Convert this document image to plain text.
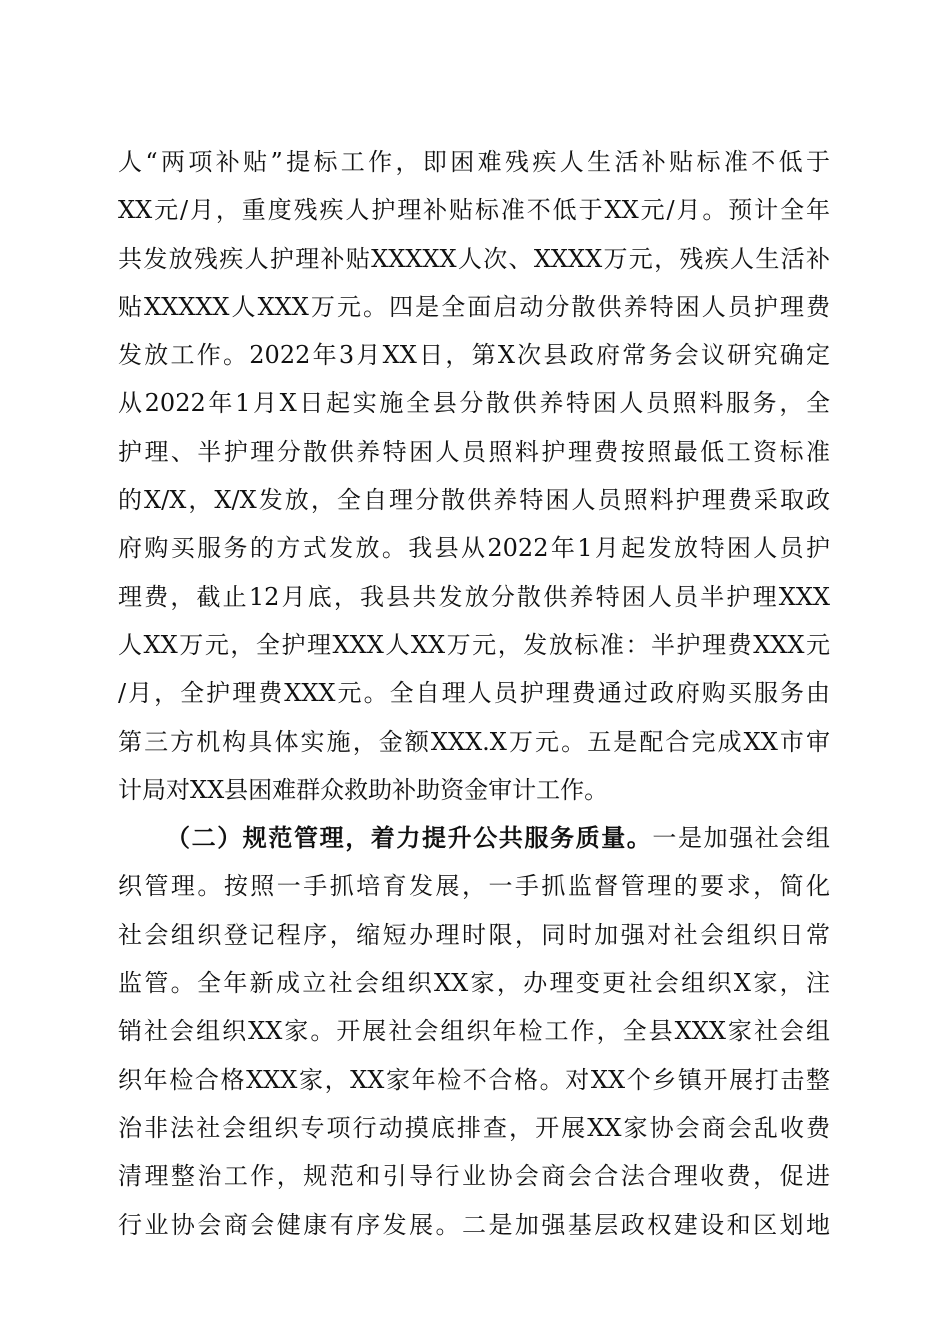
人“两项补贴”提标工作，即困难残疾人生活补贴标准不低于
XX元/月，重度残疾人护理补贴标准不低于XX元/月。预计全年
共发放残疾人护理补贴XXXXX人次、XXXX万元，残疾人生活补
贴XXXXX人XXX万元。四是全面启动分散供养特困人员护理费
发放工作。2022年3月XX日，第X次县政府常务会议研究确定
从2022年1月X日起实施全县分散供养特困人员照料服务，全
护理、半护理分散供养特困人员照料护理费按照最低工资标准
的X/X，X/X发放，全自理分散供养特困人员照料护理费采取政
府购买服务的方式发放。我县从2022年1月起发放特困人员护
理费，截止12月底，我县共发放分散供养特困人员半护理XXX
人XX万元，全护理XXX人XX万元，发放标准：半护理费XXX元
/月，全护理费XXX元。全自理人员护理费通过政府购买服务由
第三方机构具体实施，金额XXX.X万元。五是配合完成XX市审
计局对XX县困难群众救助补助资金审计工作。
（二）规范管理，着力提升公共服务质量。一是加强社会组
织管理。按照一手抓培育发展，一手抓监督管理的要求，简化
社会组织登记程序，缩短办理时限，同时加强对社会组织日常
监管。全年新成立社会组织XX家，办理变更社会组织X家，注
销社会组织XX家。开展社会组织年检工作，全县XXX家社会组
织年检合格XXX家，XX家年检不合格。对XX个乡镇开展打击整
治非法社会组织专项行动摸底排查，开展XX家协会商会乱收费
清理整治工作，规范和引导行业协会商会合法合理收费，促进
行业协会商会健康有序发展。二是加强基层政权建设和区划地
